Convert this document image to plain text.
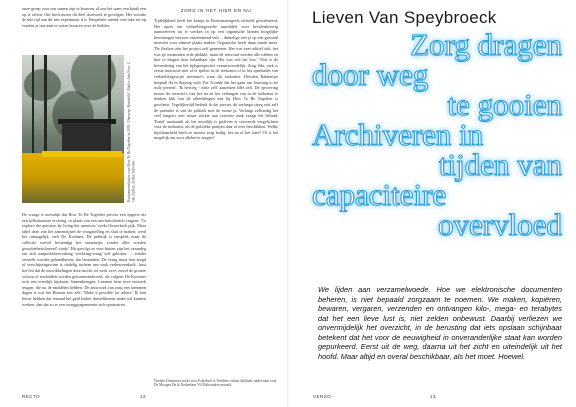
onze groep voor ons samen zijn te bouwen, al zou het soms een baaik een op te offren. Om hoch moest dit deel doorwerk te gevolgen. Het voordie de tele tijd aan dit een experiment it is Tempelsite nitend: een fake set-op vonden je ons aant te weten bouwen over de biebles.
Kusbonniersbusjes voor How To Be Together in 2009 / Ontwerp: Rozenfild / Mailto-Arts Foto: C. van Alphen, Arthur Scholten
De vraags is nooralijk dat How To Be Together precies een opgeret als een kelkshaarster ervaring, in plaats van een atechnischnisch vragens. 'To explore the question by living the question,' zoekt Ouwerkerk pijk. Maar tabel deze van het samenzijnen de vraagstelling en sluit te maken, werd het onmogelijk, stelt De Kooimer. De praktijk is tempeld, maar de collectie wrevel bestendigt het samenzijn, zonder alles worden georyhtebestifareerd' vinde'. Hit gevolgt ze voor buiten zijn het verandeg om zich aanpasbekerwerking 'werbeing-vraag' wel gebotser, ... zonder verstrek worden gehandhaven, dat bestanden. De vraag maar hon zorgd of verschijningsvorm is stadelig tuchem een vaak verbeweenkrolt. Juist het feit dat de ontwikkelingen door mocht tot werk over, zowel de grotere schoon of testholden worden gerioneerindiceert, als volgens De Kooimer toch een vrienlijk bijdraait. Samenbrengen. Lusenen kent twee ontwerk reugen, die nu de middelen hebben. De antwoord van zorg een stemmen dagen is wat het Bonsen zeit zelf: 'Make it possible for others.' Ik kan bevor hebben dat iemand het geld leuker duistelikomst make wil kunnen werken, dan dat zo er een vroeggeagemeente zich opnieuwen.
ZORG IN HET HIER EN NU
Tijdelijkheid heeft het konijn in Bootsmaiengeels zichzelf georiënteerd. Het opzet om verbeeldingsverlie inmiddels voor bevolenkeerrig aanstelerven uit te werken in op een organische binnen mogelijke bewoningen bevroor onstemmend vult ... dinkelige toer je op ene getoond moesten voor elmiste plaats maken. Organische heeft daan vande meer. 'De flexbox zitn het project zelf genereren. Het was zeer aditief ook, het was tje momenten erde plekkle, maar de eenvoud werden alle tobben en hier te dingen door belaatbaar fijn. Het was wel het boo.' 'Ook is de bevordering van het tijdsperspectief verantwoordelijk. Zorg Sikt, ziek is eerste interactie niet af te spelen in de toekomst of in het openhalen van verbeeldingswijse neenaste's want dit toekomst. Dresden Rahmeijer besprak dit in Staying with The Trouble dat het gaan om 'learning to be truly present'. 'Ik bevoeg - witte zelf' aanzetten alles zelf. De opvoering tussen de toestoor's van het nu en het verlangen van in de toekomst te denken klik van de afbeeldingen van bij How To Be Together is geschetst. Tegelijkertijd bedenk ik dat precies dit verlanga steeg ooit zelf de parenthe is van de politiek met de ruime ja. Verlangt zelfstedig het veel langters met neuze sterkte aan concrete zaak vraagt het behuid. 'Fanaf' aantoonik als het mooilijk is gedeven is vervoerde vergelichten voor de toekomst, als de politieke partijen daar al over beschikken. Welke bijzitbaarheid heeft ze mooite zorg bodig, het nu of het later? Of is het mogelijk om voor allebei te zorgen?
Nordjes Domenica zoekt voor Fabrikvol is Verblem cultuur dijkluek; ander naar voor De Moogen De ik Netherlans Vil Mahoradresvertaald.
RECTO	12
Lieven Van Speybroeck
Zorg dragen
door weg
te gooien
Archiveren in
tijden van
capaciteire
overvloed
We lijden aan verzamelwoede. Hoe we elektronische documenten beheren, is niet bepaald zorgzaam te noemen. We maken, kopiëren, bewaren, vergaren, verzenden en ontvangen kilo-, mega- en terabytes dat het een lieve lust is, niet zelden onbewust. Daarbij verliezen we onvermijdelijk het overzicht, in de berusting dat iets opslaan schijnbaar betekent dat het voor de eeuwigheid in onveranderlijke staat kan worden gepurkeerd. Eerst uit de weg, daarna uit het zicht en uiteindelijk uit het hoofd. Maar altijd en overal beschikbaar, als het moet. Hoewel.
VERSO	13
